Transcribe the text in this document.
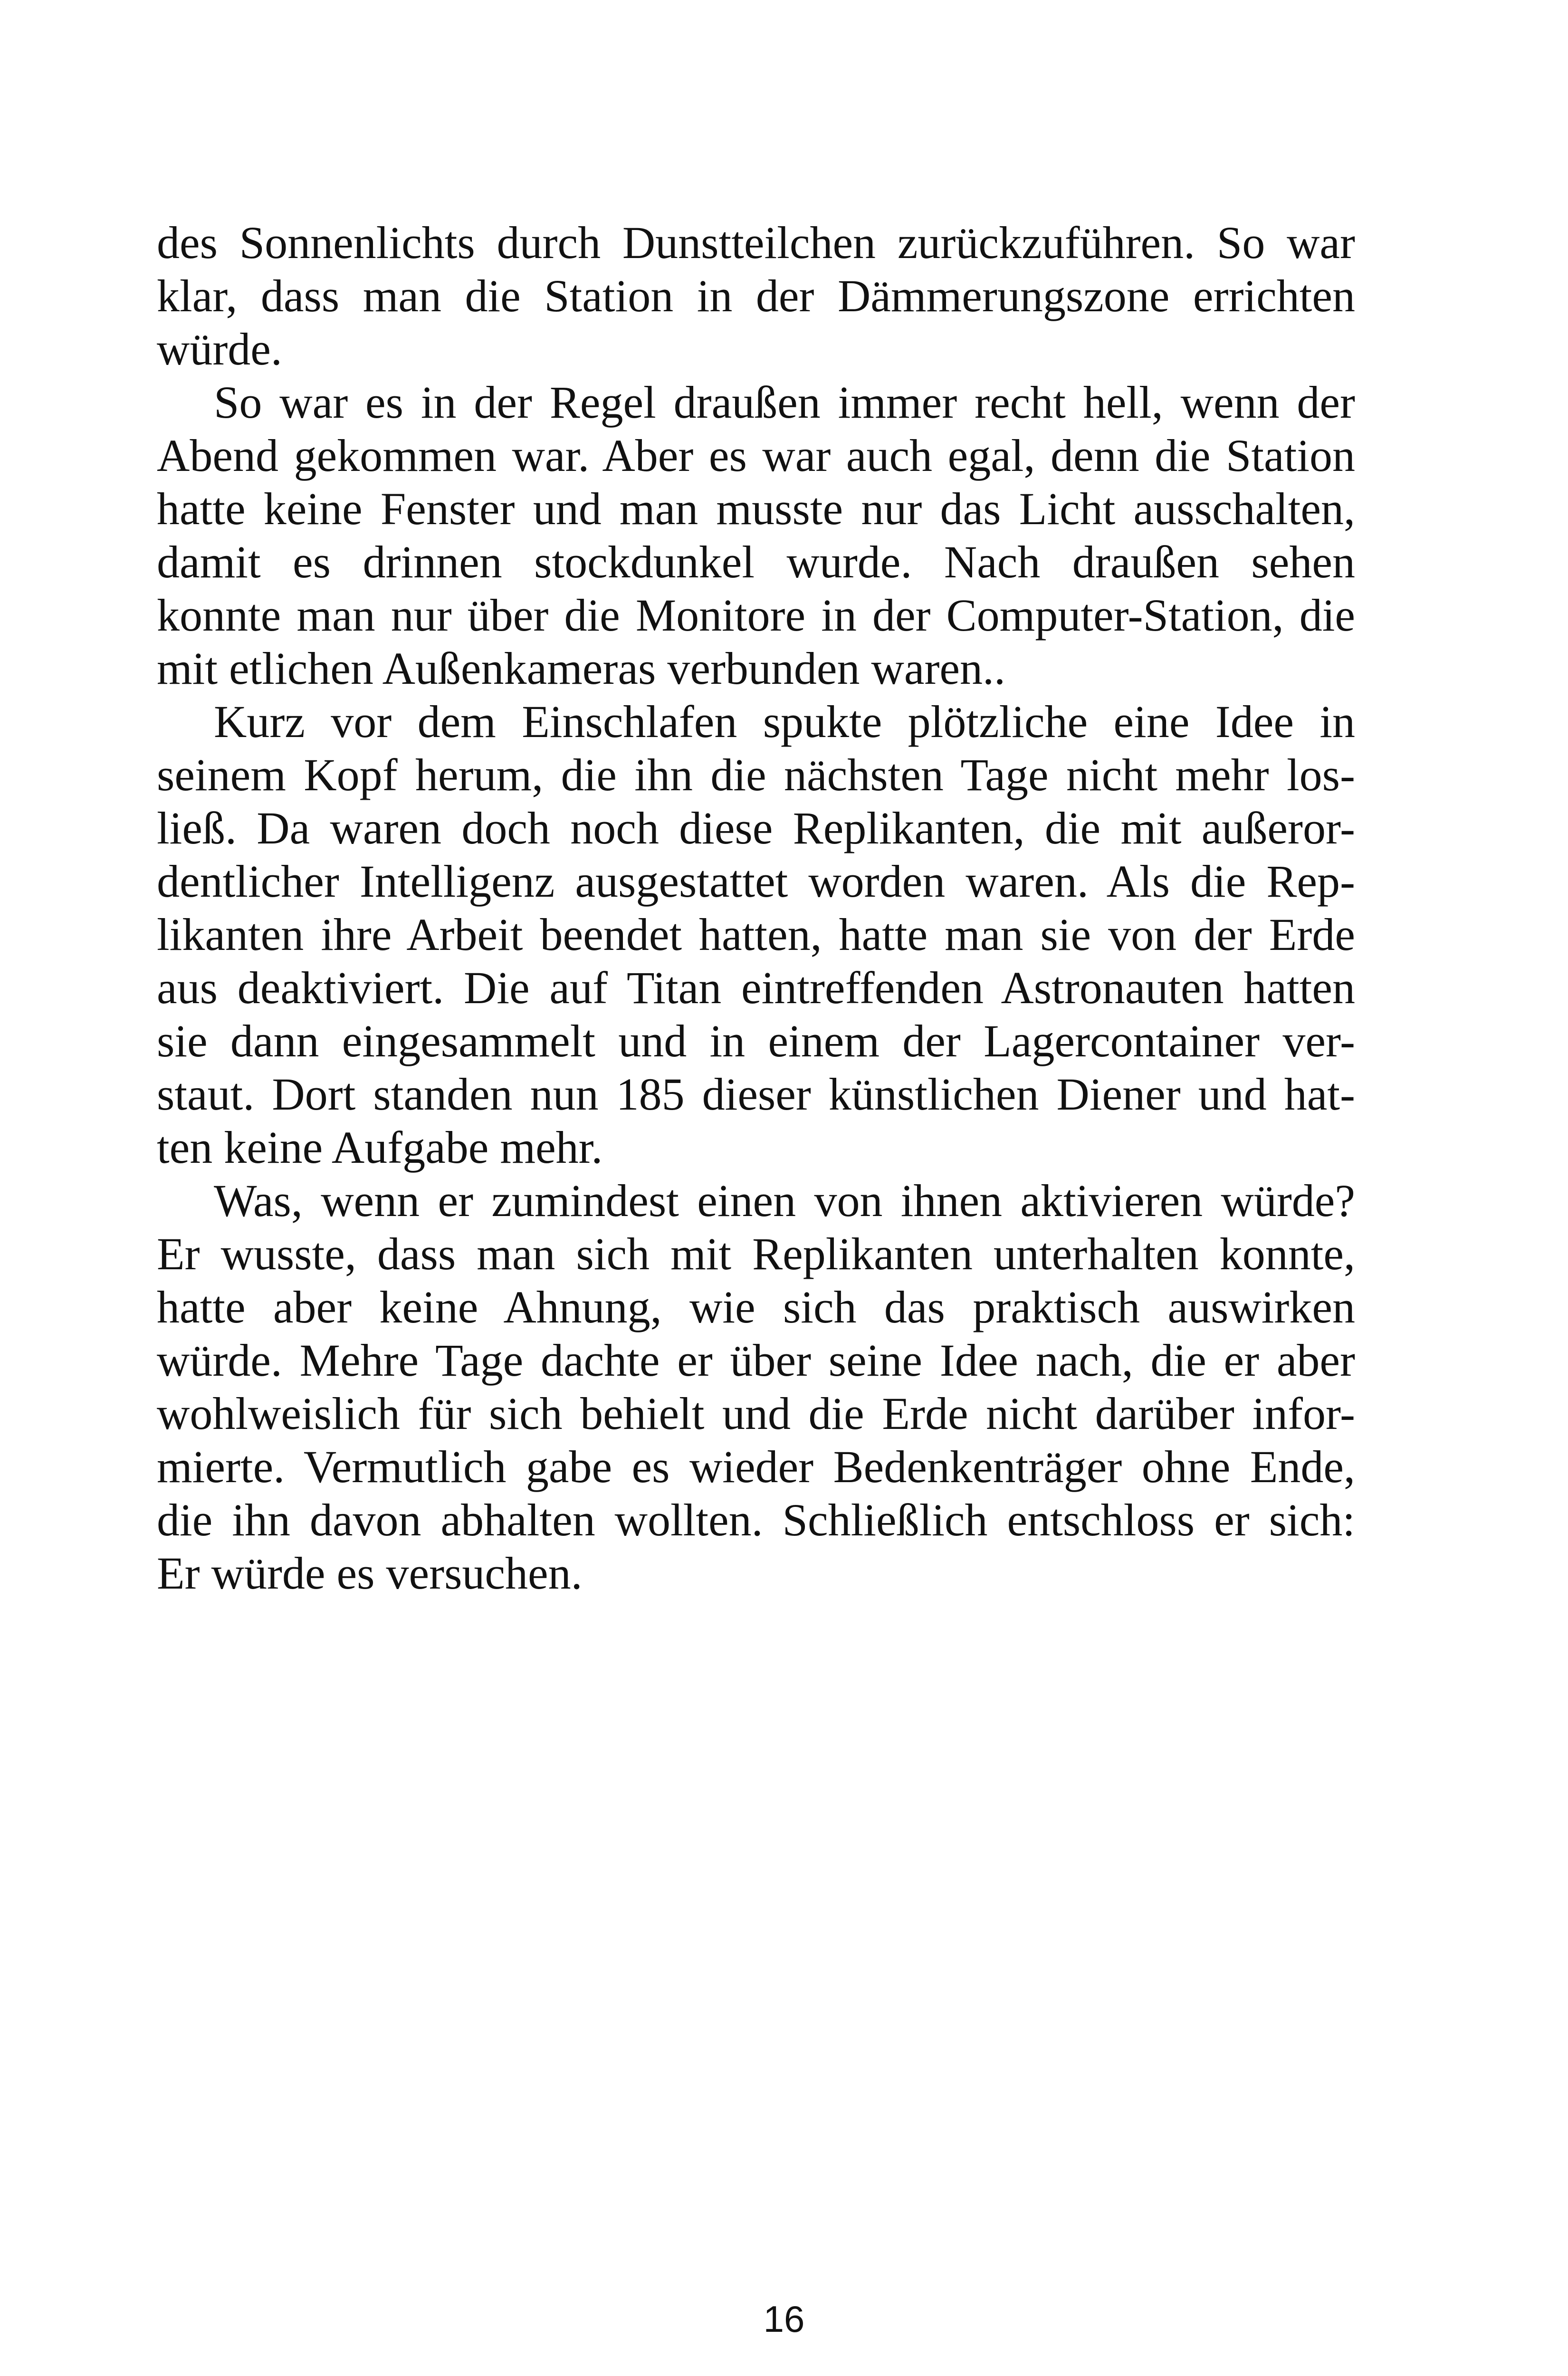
des Sonnenlichts durch Dunstteilchen zurückzuführen. So war
klar, dass man die Station in der Dämmerungszone errichten
würde.
So war es in der Regel draußen immer recht hell, wenn der
Abend gekommen war. Aber es war auch egal, denn die Station
hatte keine Fenster und man musste nur das Licht ausschalten,
damit es drinnen stockdunkel wurde. Nach draußen sehen
konnte man nur über die Monitore in der Computer-Station, die
mit etlichen Außenkameras verbunden waren..
Kurz vor dem Einschlafen spukte plötzliche eine Idee in
seinem Kopf herum, die ihn die nächsten Tage nicht mehr los-
ließ. Da waren doch noch diese Replikanten, die mit außeror-
dentlicher Intelligenz ausgestattet worden waren. Als die Rep-
likanten ihre Arbeit beendet hatten, hatte man sie von der Erde
aus deaktiviert. Die auf Titan eintreffenden Astronauten hatten
sie dann eingesammelt und in einem der Lagercontainer ver-
staut. Dort standen nun 185 dieser künstlichen Diener und hat-
ten keine Aufgabe mehr.
Was, wenn er zumindest einen von ihnen aktivieren würde?
Er wusste, dass man sich mit Replikanten unterhalten konnte,
hatte aber keine Ahnung, wie sich das praktisch auswirken
würde. Mehre Tage dachte er über seine Idee nach, die er aber
wohlweislich für sich behielt und die Erde nicht darüber infor-
mierte. Vermutlich gabe es wieder Bedenkenträger ohne Ende,
die ihn davon abhalten wollten. Schließlich entschloss er sich:
Er würde es versuchen.
16
